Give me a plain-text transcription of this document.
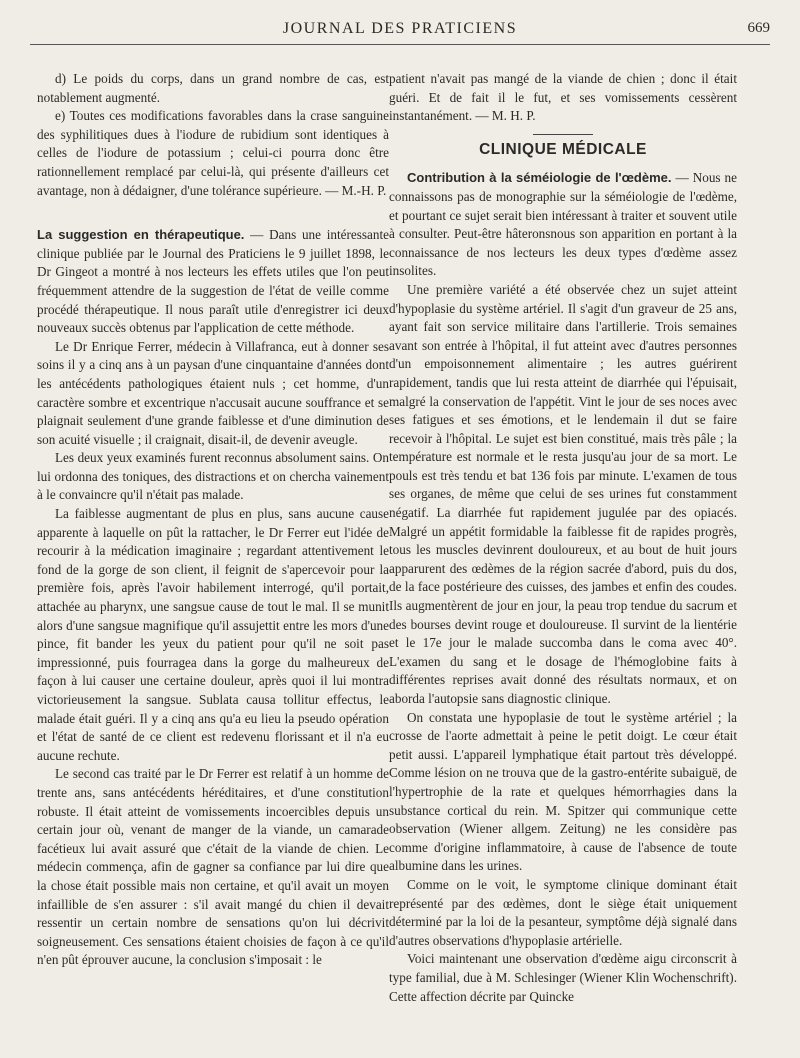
JOURNAL DES PRATICIENS	669

d) Le poids du corps, dans un grand nombre de cas, est notablement augmenté.

e) Toutes ces modifications favorables dans la crase sanguine des syphilitiques dues à l'iodure de rubidium sont identiques à celles de l'iodure de potassium ; celui-ci pourra donc être rationnellement remplacé par celui-là, qui présente d'ailleurs cet avantage, non à dédaigner, d'une tolérance supérieure. — M.-H. P.

La suggestion en thérapeutique. — Dans une intéressante clinique publiée par le Journal des Praticiens le 9 juillet 1898, le Dr Gingeot a montré à nos lecteurs les effets utiles que l'on peut fréquemment attendre de la suggestion de l'état de veille comme procédé thérapeutique. Il nous paraît utile d'enregistrer ici deux nouveaux succès obtenus par l'application de cette méthode.

Le Dr Enrique Ferrer, médecin à Villafranca, eut à donner ses soins il y a cinq ans à un paysan d'une cinquantaine d'années dont les antécédents pathologiques étaient nuls ; cet homme, d'un caractère sombre et excentrique n'accusait aucune souffrance et se plaignait seulement d'une grande faiblesse et d'une diminution de son acuité visuelle ; il craignait, disait-il, de devenir aveugle.

Les deux yeux examinés furent reconnus absolument sains. On lui ordonna des toniques, des distractions et on chercha vainement à le convaincre qu'il n'était pas malade.

La faiblesse augmentant de plus en plus, sans aucune cause apparente à laquelle on pût la rattacher, le Dr Ferrer eut l'idée de recourir à la médication imaginaire ; regardant attentivement le fond de la gorge de son client, il feignit de s'apercevoir pour la première fois, après l'avoir habilement interrogé, qu'il portait, attachée au pharynx, une sangsue cause de tout le mal. Il se munit alors d'une sangsue magnifique qu'il assujettit entre les mors d'une pince, fit bander les yeux du patient pour qu'il ne soit pas impressionné, puis fourragea dans la gorge du malheureux de façon à lui causer une certaine douleur, après quoi il lui montra victorieusement la sangsue. Sublata causa tollitur effectus, le malade était guéri. Il y a cinq ans qu'a eu lieu la pseudo opération et l'état de santé de ce client est redevenu florissant et il n'a eu aucune rechute.

Le second cas traité par le Dr Ferrer est relatif à un homme de trente ans, sans antécédents héréditaires, et d'une constitution robuste. Il était atteint de vomissements incoercibles depuis un certain jour où, venant de manger de la viande, un camarade facétieux lui avait assuré que c'était de la viande de chien. Le médecin commença, afin de gagner sa confiance par lui dire que la chose était possible mais non certaine, et qu'il avait un moyen infaillible de s'en assurer : s'il avait mangé du chien il devait ressentir un certain nombre de sensations qu'on lui décrivit soigneusement. Ces sensations étaient choisies de façon à ce qu'il n'en pût éprouver aucune, la conclusion s'imposait : le

patient n'avait pas mangé de la viande de chien ; donc il était guéri. Et de fait il le fut, et ses vomissements cessèrent instantanément. — M. H. P.

CLINIQUE MÉDICALE

Contribution à la séméiologie de l'œdème. — Nous ne connaissons pas de monographie sur la séméiologie de l'œdème, et pourtant ce sujet serait bien intéressant à traiter et souvent utile à consulter. Peut-être hâteronsnous son apparition en portant à la connaissance de nos lecteurs les deux types d'œdème assez insolites.

Une première variété a été observée chez un sujet atteint d'hypoplasie du système artériel. Il s'agit d'un graveur de 25 ans, ayant fait son service militaire dans l'artillerie. Trois semaines avant son entrée à l'hôpital, il fut atteint avec d'autres personnes d'un empoisonnement alimentaire ; les autres guérirent rapidement, tandis que lui resta atteint de diarrhée qui l'épuisait, malgré la conservation de l'appétit. Vint le jour de ses noces avec ses fatigues et ses émotions, et le lendemain il dut se faire recevoir à l'hôpital. Le sujet est bien constitué, mais très pâle ; la température est normale et le resta jusqu'au jour de sa mort. Le pouls est très tendu et bat 136 fois par minute. L'examen de tous ses organes, de même que celui de ses urines fut constamment négatif. La diarrhée fut rapidement jugulée par des opiacés. Malgré un appétit formidable la faiblesse fit de rapides progrès, tous les muscles devinrent douloureux, et au bout de huit jours apparurent des œdèmes de la région sacrée d'abord, puis du dos, de la face postérieure des cuisses, des jambes et enfin des coudes. Ils augmentèrent de jour en jour, la peau trop tendue du sacrum et des bourses devint rouge et douloureuse. Il survint de la lientérie et le 17e jour le malade succomba dans le coma avec 40°. L'examen du sang et le dosage de l'hémoglobine faits à différentes reprises avait donné des résultats normaux, et on aborda l'autopsie sans diagnostic clinique.

On constata une hypoplasie de tout le système artériel ; la crosse de l'aorte admettait à peine le petit doigt. Le cœur était petit aussi. L'appareil lymphatique était partout très développé. Comme lésion on ne trouva que de la gastro-entérite subaiguë, de l'hypertrophie de la rate et quelques hémorrhagies dans la substance cortical du rein. M. Spitzer qui communique cette observation (Wiener allgem. Zeitung) ne les considère pas comme d'origine inflammatoire, à cause de l'absence de toute albumine dans les urines.

Comme on le voit, le symptome clinique dominant était représenté par des œdèmes, dont le siège était uniquement déterminé par la loi de la pesanteur, symptôme déjà signalé dans d'autres observations d'hypoplasie artérielle.

Voici maintenant une observation d'œdème aigu circonscrit à type familial, due à M. Schlesinger (Wiener Klin Wochenschrift). Cette affection décrite par Quincke
